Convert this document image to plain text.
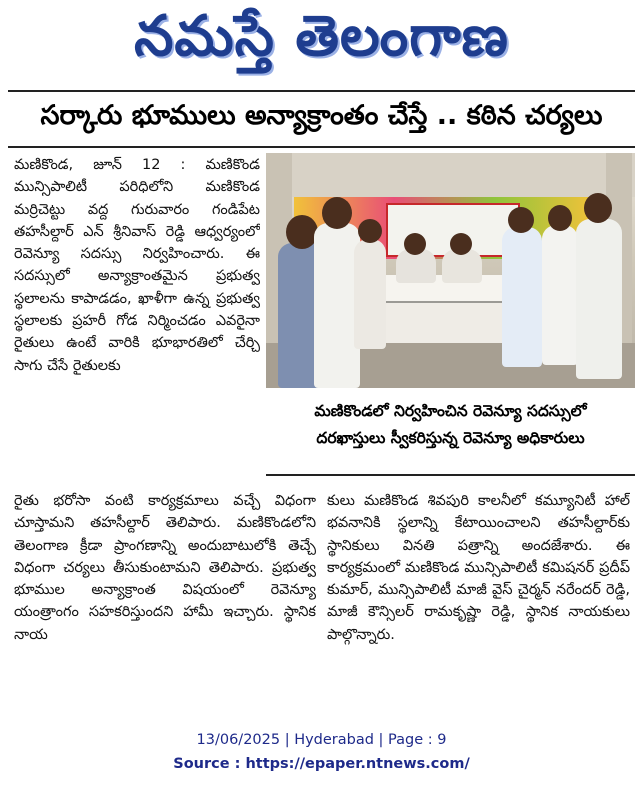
నమస్తే తెలంగాణ
సర్కారు భూములు అన్యాక్రాంతం చేస్తే .. కఠిన చర్యలు

మణికొండ, జూన్ 12 : మణికొండ మున్సిపాలిటీ పరిధిలోని మణికొండ మర్రిచెట్టు వద్ద గురువారం గండిపేట తహసీల్దార్ ఎన్ శ్రీనివాస్ రెడ్డి ఆధ్వర్యంలో రెవెన్యూ సదస్సు నిర్వహించారు. ఈ సదస్సులో అన్యాక్రాంతమైన ప్రభుత్వ స్థలాలను కాపాడడం, ఖాళీగా ఉన్న ప్రభుత్వ స్థలాలకు ప్రహరీ గోడ నిర్మించడం ఎవరైనా రైతులు ఉంటే వారికి భూభారతిలో చేర్చి సాగు చేసే రైతులకు

మణికొండలో నిర్వహించిన రెవెన్యూ సదస్సులో
దరఖాస్తులు స్వీకరిస్తున్న రెవెన్యూ అధికారులు

రైతు భరోసా వంటి కార్యక్రమాలు వచ్చే విధంగా చూస్తామని తహసీల్దార్ తెలిపారు. మణికొండలోని తెలంగాణ క్రీడా ప్రాంగణాన్ని అందుబాటులోకి తెచ్చే విధంగా చర్యలు తీసుకుంటామని తెలిపారు. ప్రభుత్వ భూముల అన్యాక్రాంత విషయంలో రెవెన్యూ యంత్రాంగం సహకరిస్తుందని హామీ ఇచ్చారు. స్థానిక నాయ

కులు మణికొండ శివపురి కాలనీలో కమ్యూనిటీ హాల్ భవనానికి స్థలాన్ని కేటాయించాలని తహసీల్దార్‌కు స్థానికులు వినతి పత్రాన్ని అందజేశారు. ఈ కార్యక్రమంలో మణికొండ మున్సిపాలిటీ కమిషనర్ ప్రదీప్ కుమార్, మున్సిపాలిటీ మాజీ వైస్ చైర్మన్ నరేందర్ రెడ్డి, మాజీ కౌన్సిలర్ రామకృష్ణా రెడ్డి, స్థానిక నాయకులు పాల్గొన్నారు.

13/06/2025 | Hyderabad | Page : 9
Source : https://epaper.ntnews.com/
